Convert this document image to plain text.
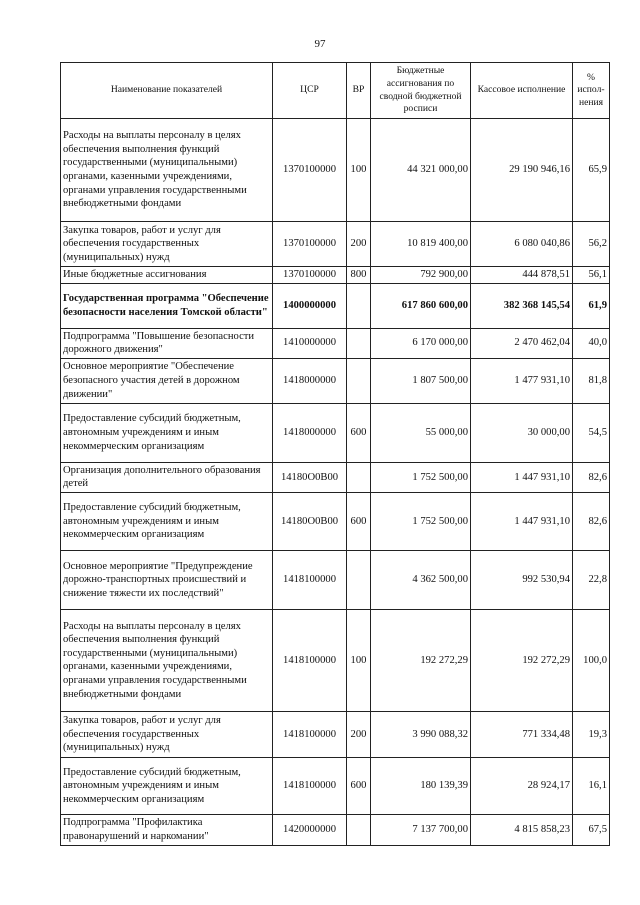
97
Наименование показателей	ЦСР	ВР	Бюджетные ассигнования по сводной бюджетной росписи	Кассовое исполнение	% испол-нения
Расходы на выплаты персоналу в целях обеспечения выполнения функций государственными (муниципальными) органами, казенными учреждениями, органами управления государственными внебюджетными фондами	1370100000	100	44 321 000,00	29 190 946,16	65,9
Закупка товаров, работ и услуг для обеспечения государственных (муниципальных) нужд	1370100000	200	10 819 400,00	6 080 040,86	56,2
Иные бюджетные ассигнования	1370100000	800	792 900,00	444 878,51	56,1
Государственная программа "Обеспечение безопасности населения Томской области"	1400000000		617 860 600,00	382 368 145,54	61,9
Подпрограмма "Повышение безопасности дорожного движения"	1410000000		6 170 000,00	2 470 462,04	40,0
Основное мероприятие "Обеспечение безопасного участия детей в дорожном движении"	1418000000		1 807 500,00	1 477 931,10	81,8
Предоставление субсидий бюджетным, автономным учреждениям и иным некоммерческим организациям	1418000000	600	55 000,00	30 000,00	54,5
Организация дополнительного образования детей	14180О0В00		1 752 500,00	1 447 931,10	82,6
Предоставление субсидий бюджетным, автономным учреждениям и иным некоммерческим организациям	14180О0В00	600	1 752 500,00	1 447 931,10	82,6
Основное мероприятие "Предупреждение дорожно-транспортных происшествий и снижение тяжести их последствий"	1418100000		4 362 500,00	992 530,94	22,8
Расходы на выплаты персоналу в целях обеспечения выполнения функций государственными (муниципальными) органами, казенными учреждениями, органами управления государственными внебюджетными фондами	1418100000	100	192 272,29	192 272,29	100,0
Закупка товаров, работ и услуг для обеспечения государственных (муниципальных) нужд	1418100000	200	3 990 088,32	771 334,48	19,3
Предоставление субсидий бюджетным, автономным учреждениям и иным некоммерческим организациям	1418100000	600	180 139,39	28 924,17	16,1
Подпрограмма "Профилактика правонарушений и наркомании"	1420000000		7 137 700,00	4 815 858,23	67,5
